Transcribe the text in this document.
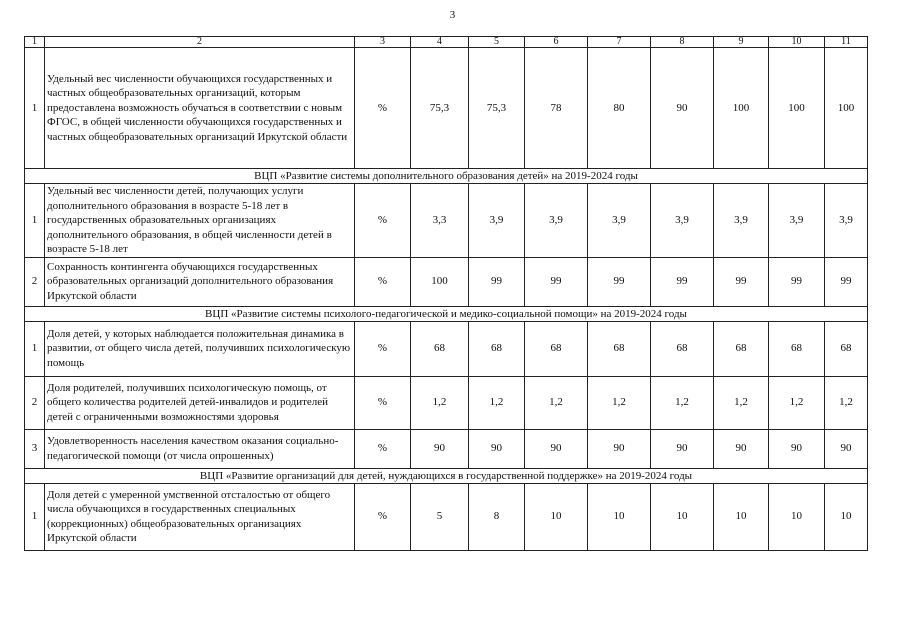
3
1	2	3	4	5	6	7	8	9	10	11
1	Удельный вес численности обучающихся государственных и частных общеобразовательных организаций, которым предоставлена возможность обучаться в соответствии с новым ФГОС, в общей численности обучающихся государственных и частных общеобразовательных организаций Иркутской области	%	75,3	75,3	78	80	90	100	100	100
ВЦП «Развитие системы дополнительного образования детей» на 2019-2024 годы										
1	Удельный вес численности детей, получающих услуги дополнительного образования в возрасте 5-18 лет в государственных образовательных организациях дополнительного образования, в общей численности детей в возрасте 5-18 лет	%	3,3	3,9	3,9	3,9	3,9	3,9	3,9	3,9
2	Сохранность контингента обучающихся государственных образовательных организаций дополнительного образования Иркутской области	%	100	99	99	99	99	99	99	99
ВЦП «Развитие системы психолого-педагогической и медико-социальной помощи» на 2019-2024 годы										
1	Доля детей, у которых наблюдается положительная динамика в развитии, от общего числа детей, получивших психологическую помощь	%	68	68	68	68	68	68	68	68
2	Доля родителей, получивших психологическую помощь, от общего количества родителей детей-инвалидов и родителей детей с ограниченными возможностями здоровья	%	1,2	1,2	1,2	1,2	1,2	1,2	1,2	1,2
3	Удовлетворенность населения качеством оказания социально-педагогической помощи (от числа опрошенных)	%	90	90	90	90	90	90	90	90
ВЦП «Развитие организаций для детей, нуждающихся в государственной поддержке» на 2019-2024 годы										
1	Доля детей с умеренной умственной отсталостью от общего числа обучающихся в государственных специальных (коррекционных) общеобразовательных организациях Иркутской области	%	5	8	10	10	10	10	10	10
